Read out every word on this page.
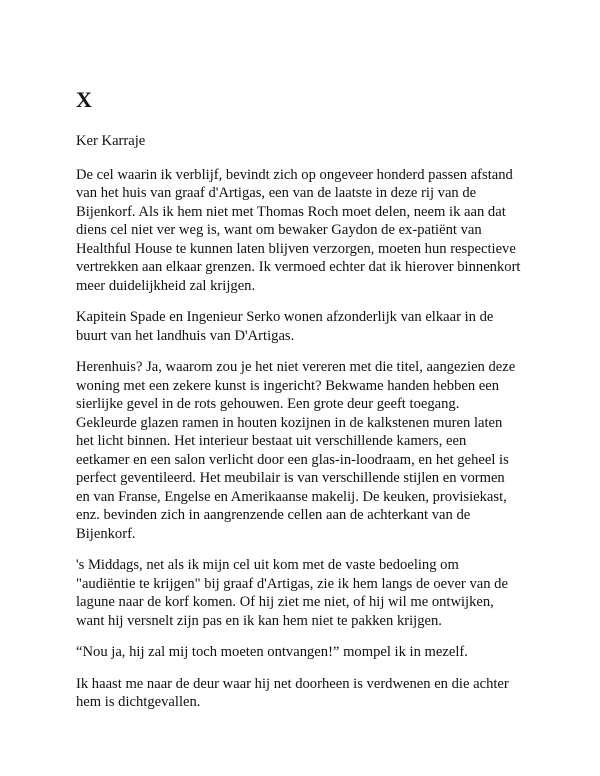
X
Ker Karraje
De cel waarin ik verblijf, bevindt zich op ongeveer honderd passen afstand
van het huis van graaf d'Artigas, een van de laatste in deze rij van de
Bijenkorf. Als ik hem niet met Thomas Roch moet delen, neem ik aan dat
diens cel niet ver weg is, want om bewaker Gaydon de ex-patiënt van
Healthful House te kunnen laten blijven verzorgen, moeten hun respectieve
vertrekken aan elkaar grenzen. Ik vermoed echter dat ik hierover binnenkort
meer duidelijkheid zal krijgen.
Kapitein Spade en Ingenieur Serko wonen afzonderlijk van elkaar in de
buurt van het landhuis van D'Artigas.
Herenhuis? Ja, waarom zou je het niet vereren met die titel, aangezien deze
woning met een zekere kunst is ingericht? Bekwame handen hebben een
sierlijke gevel in de rots gehouwen. Een grote deur geeft toegang.
Gekleurde glazen ramen in houten kozijnen in de kalkstenen muren laten
het licht binnen. Het interieur bestaat uit verschillende kamers, een
eetkamer en een salon verlicht door een glas-in-loodraam, en het geheel is
perfect geventileerd. Het meubilair is van verschillende stijlen en vormen
en van Franse, Engelse en Amerikaanse makelij. De keuken, provisiekast,
enz. bevinden zich in aangrenzende cellen aan de achterkant van de
Bijenkorf.
's Middags, net als ik mijn cel uit kom met de vaste bedoeling om
"audiëntie te krijgen" bij graaf d'Artigas, zie ik hem langs de oever van de
lagune naar de korf komen. Of hij ziet me niet, of hij wil me ontwijken,
want hij versnelt zijn pas en ik kan hem niet te pakken krijgen.
“Nou ja, hij zal mij toch moeten ontvangen!” mompel ik in mezelf.
Ik haast me naar de deur waar hij net doorheen is verdwenen en die achter
hem is dichtgevallen.
